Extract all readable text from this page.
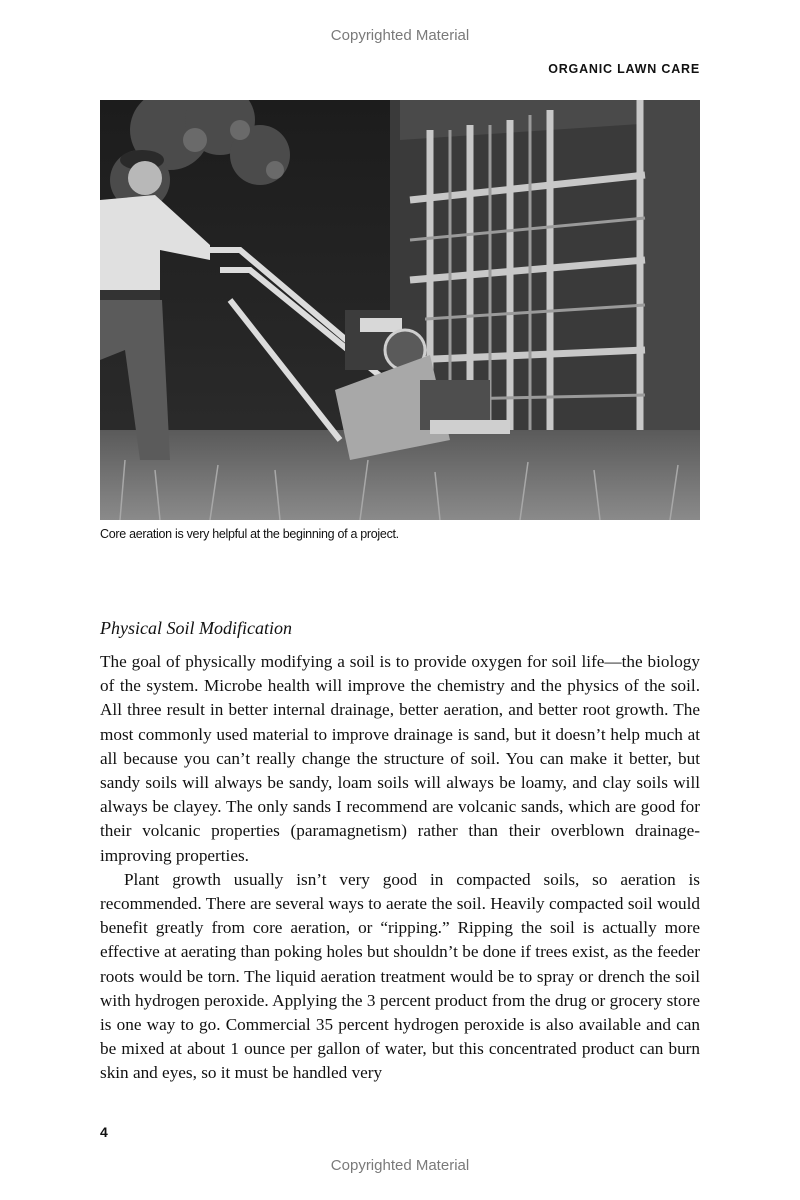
Copyrighted Material
ORGANIC LAWN CARE
Core aeration is very helpful at the beginning of a project.
Physical Soil Modification

The goal of physically modifying a soil is to provide oxygen for soil life—the biology of the system. Microbe health will improve the chemistry and the physics of the soil. All three result in better internal drainage, better aeration, and better root growth. The most commonly used material to improve drainage is sand, but it doesn’t help much at all because you can’t really change the structure of soil. You can make it better, but sandy soils will always be sandy, loam soils will always be loamy, and clay soils will always be clayey. The only sands I recommend are volcanic sands, which are good for their volcanic properties (paramagnetism) rather than their overblown drainage-improving properties.

Plant growth usually isn’t very good in compacted soils, so aeration is recommended. There are several ways to aerate the soil. Heavily compacted soil would benefit greatly from core aeration, or “ripping.” Ripping the soil is actually more effective at aerating than poking holes but shouldn’t be done if trees exist, as the feeder roots would be torn. The liquid aeration treatment would be to spray or drench the soil with hydrogen peroxide. Applying the 3 percent product from the drug or grocery store is one way to go. Commercial 35 percent hydrogen peroxide is also available and can be mixed at about 1 ounce per gallon of water, but this concentrated product can burn skin and eyes, so it must be handled very

4
Copyrighted Material
